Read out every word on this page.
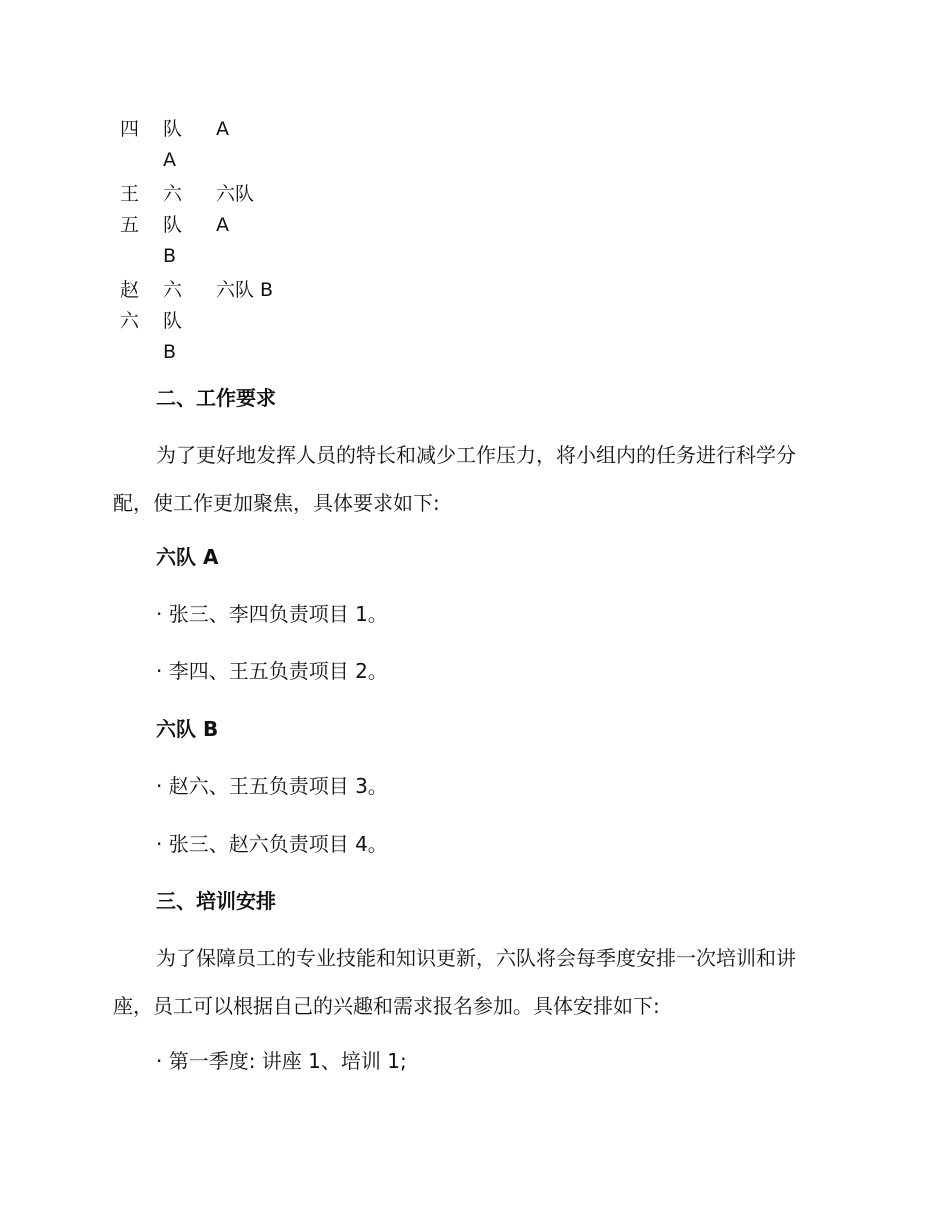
四	队
A
A
王
五
六
队
B
六队
A
赵
六
六
队
B
六队 B
二、工作要求
为了更好地发挥人员的特长和减少工作压力，将小组内的任务进行科学分配，使工作更加聚焦，具体要求如下:
六队 A
· 张三、李四负责项目 1。
· 李四、王五负责项目 2。
六队 B
· 赵六、王五负责项目 3。
· 张三、赵六负责项目 4。
三、培训安排
为了保障员工的专业技能和知识更新，六队将会每季度安排一次培训和讲座，员工可以根据自己的兴趣和需求报名参加。具体安排如下:
· 第一季度: 讲座 1、培训 1;
